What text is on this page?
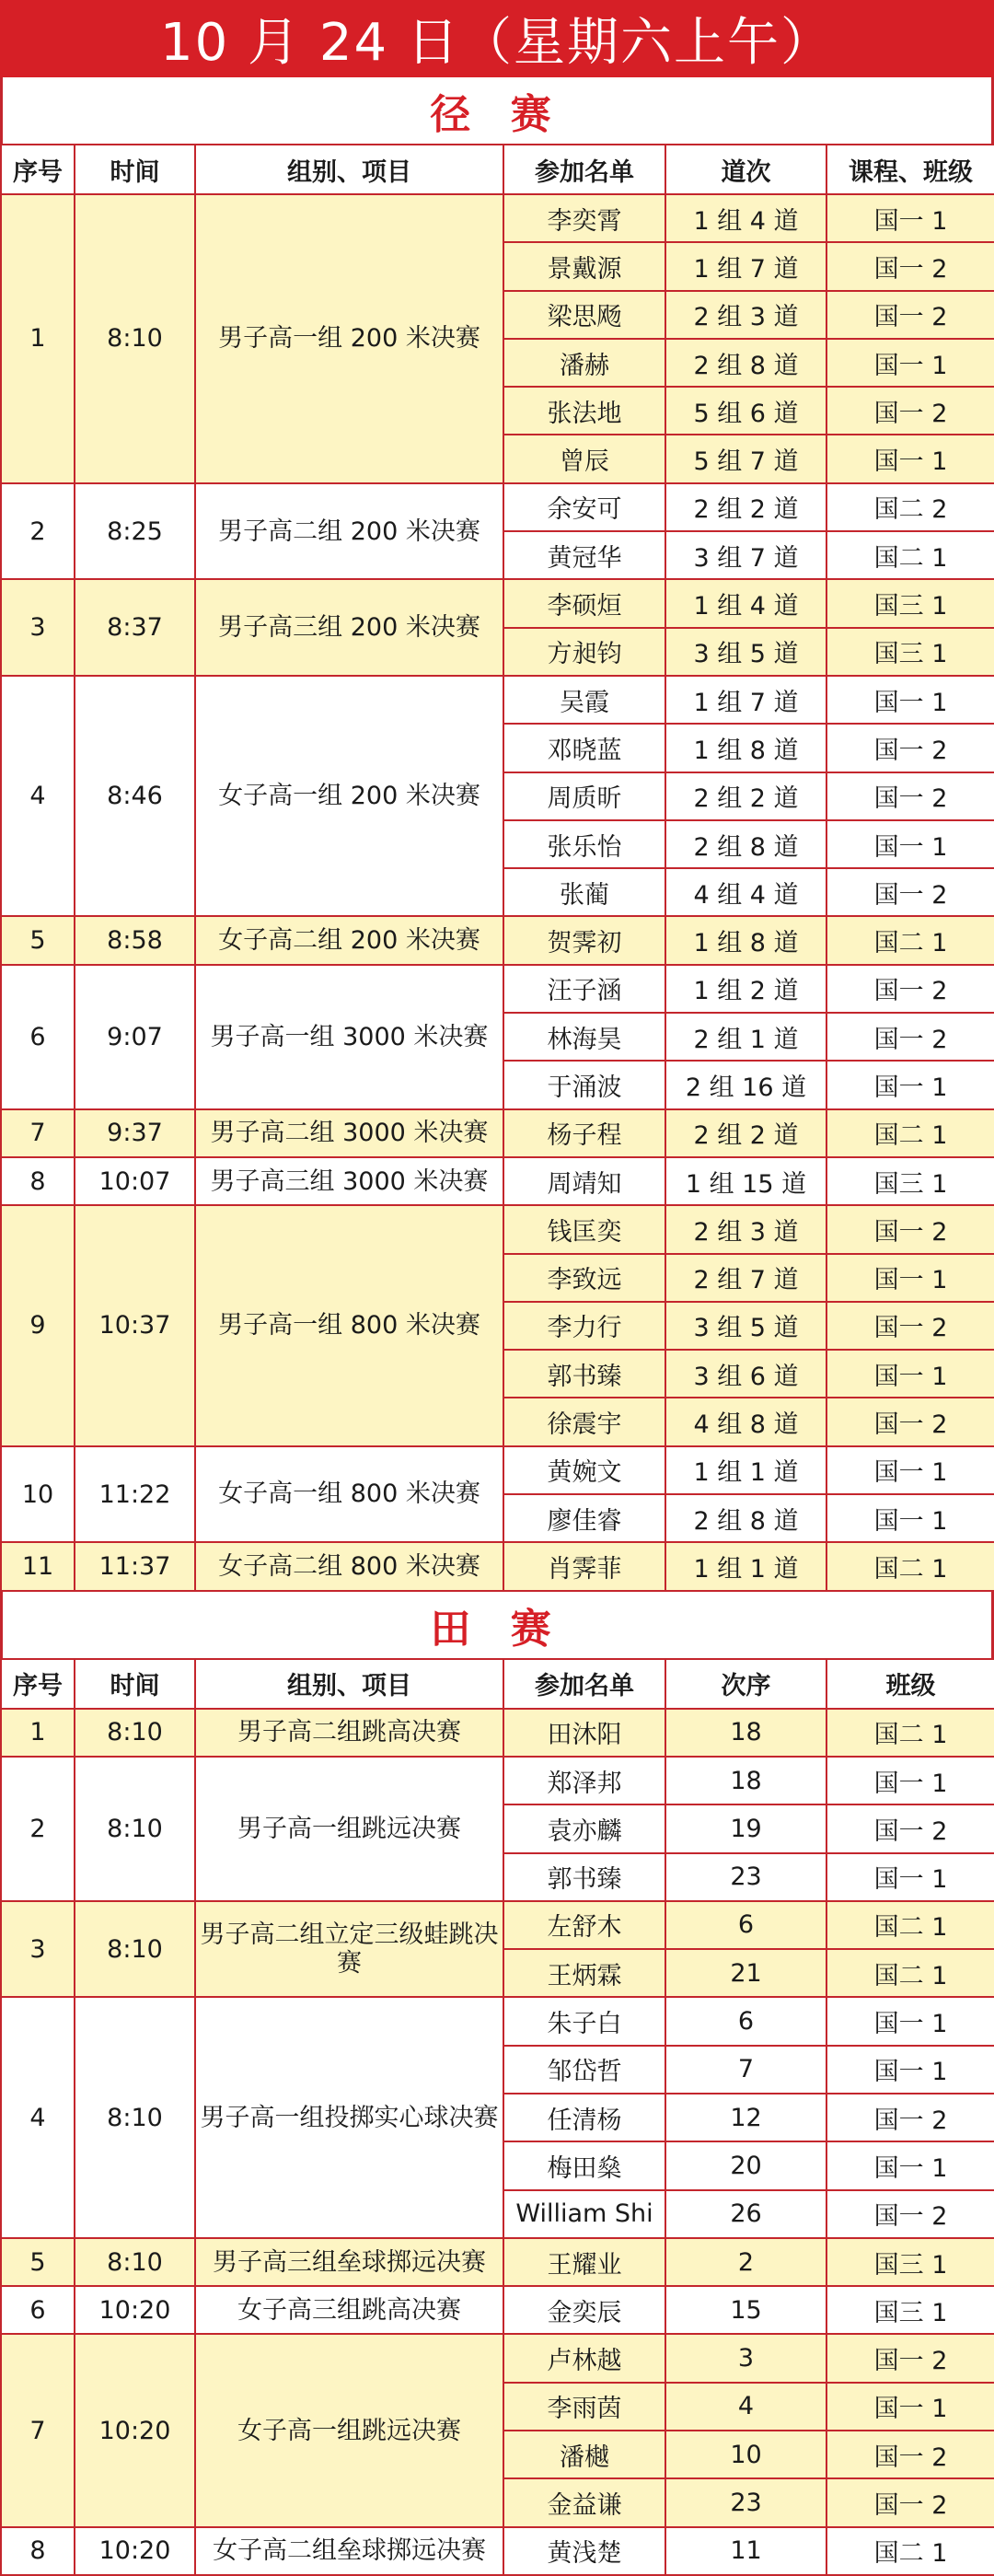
10 月 24 日（星期六上午）
径 赛
序号	时间	组别、项目	参加名单	道次	课程、班级
1	8:10	男子高一组 200 米决赛	李奕霄	1 组 4 道	国一 1
			景戴源	1 组 7 道	国一 2
			梁思飏	2 组 3 道	国一 2
			潘赫	2 组 8 道	国一 1
			张法地	5 组 6 道	国一 2
			曾辰	5 组 7 道	国一 1
2	8:25	男子高二组 200 米决赛	余安可	2 组 2 道	国二 2
			黄冠华	3 组 7 道	国二 1
3	8:37	男子高三组 200 米决赛	李硕烜	1 组 4 道	国三 1
			方昶钧	3 组 5 道	国三 1
4	8:46	女子高一组 200 米决赛	吴霞	1 组 7 道	国一 1
			邓晓蓝	1 组 8 道	国一 2
			周质昕	2 组 2 道	国一 2
			张乐怡	2 组 8 道	国一 1
			张蔺	4 组 4 道	国一 2
5	8:58	女子高二组 200 米决赛	贺霁初	1 组 8 道	国二 1
6	9:07	男子高一组 3000 米决赛	汪子涵	1 组 2 道	国一 2
			林海昊	2 组 1 道	国一 2
			于涌波	2 组 16 道	国一 1
7	9:37	男子高二组 3000 米决赛	杨子程	2 组 2 道	国二 1
8	10:07	男子高三组 3000 米决赛	周靖知	1 组 15 道	国三 1
9	10:37	男子高一组 800 米决赛	钱匡奕	2 组 3 道	国一 2
			李致远	2 组 7 道	国一 1
			李力行	3 组 5 道	国一 2
			郭书臻	3 组 6 道	国一 1
			徐震宇	4 组 8 道	国一 2
10	11:22	女子高一组 800 米决赛	黄婉文	1 组 1 道	国一 1
			廖佳睿	2 组 8 道	国一 1
11	11:37	女子高二组 800 米决赛	肖霁菲	1 组 1 道	国二 1
田 赛
序号	时间	组别、项目	参加名单	次序	班级
1	8:10	男子高二组跳高决赛	田沐阳	18	国二 1
2	8:10	男子高一组跳远决赛	郑泽邦	18	国一 1
			袁亦麟	19	国一 2
			郭书臻	23	国一 1
3	8:10	男子高二组立定三级蛙跳决赛	左舒木	6	国二 1
			王炳霖	21	国二 1
4	8:10	男子高一组投掷实心球决赛	朱子白	6	国一 1
			邹岱哲	7	国一 1
			任清杨	12	国一 2
			梅田燊	20	国一 1
			William Shi	26	国一 2
5	8:10	男子高三组垒球掷远决赛	王耀业	2	国三 1
6	10:20	女子高三组跳高决赛	金奕辰	15	国三 1
7	10:20	女子高一组跳远决赛	卢林越	3	国一 2
			李雨茵	4	国一 1
			潘樾	10	国一 2
			金益谦	23	国一 2
8	10:20	女子高二组垒球掷远决赛	黄浅楚	11	国二 1
